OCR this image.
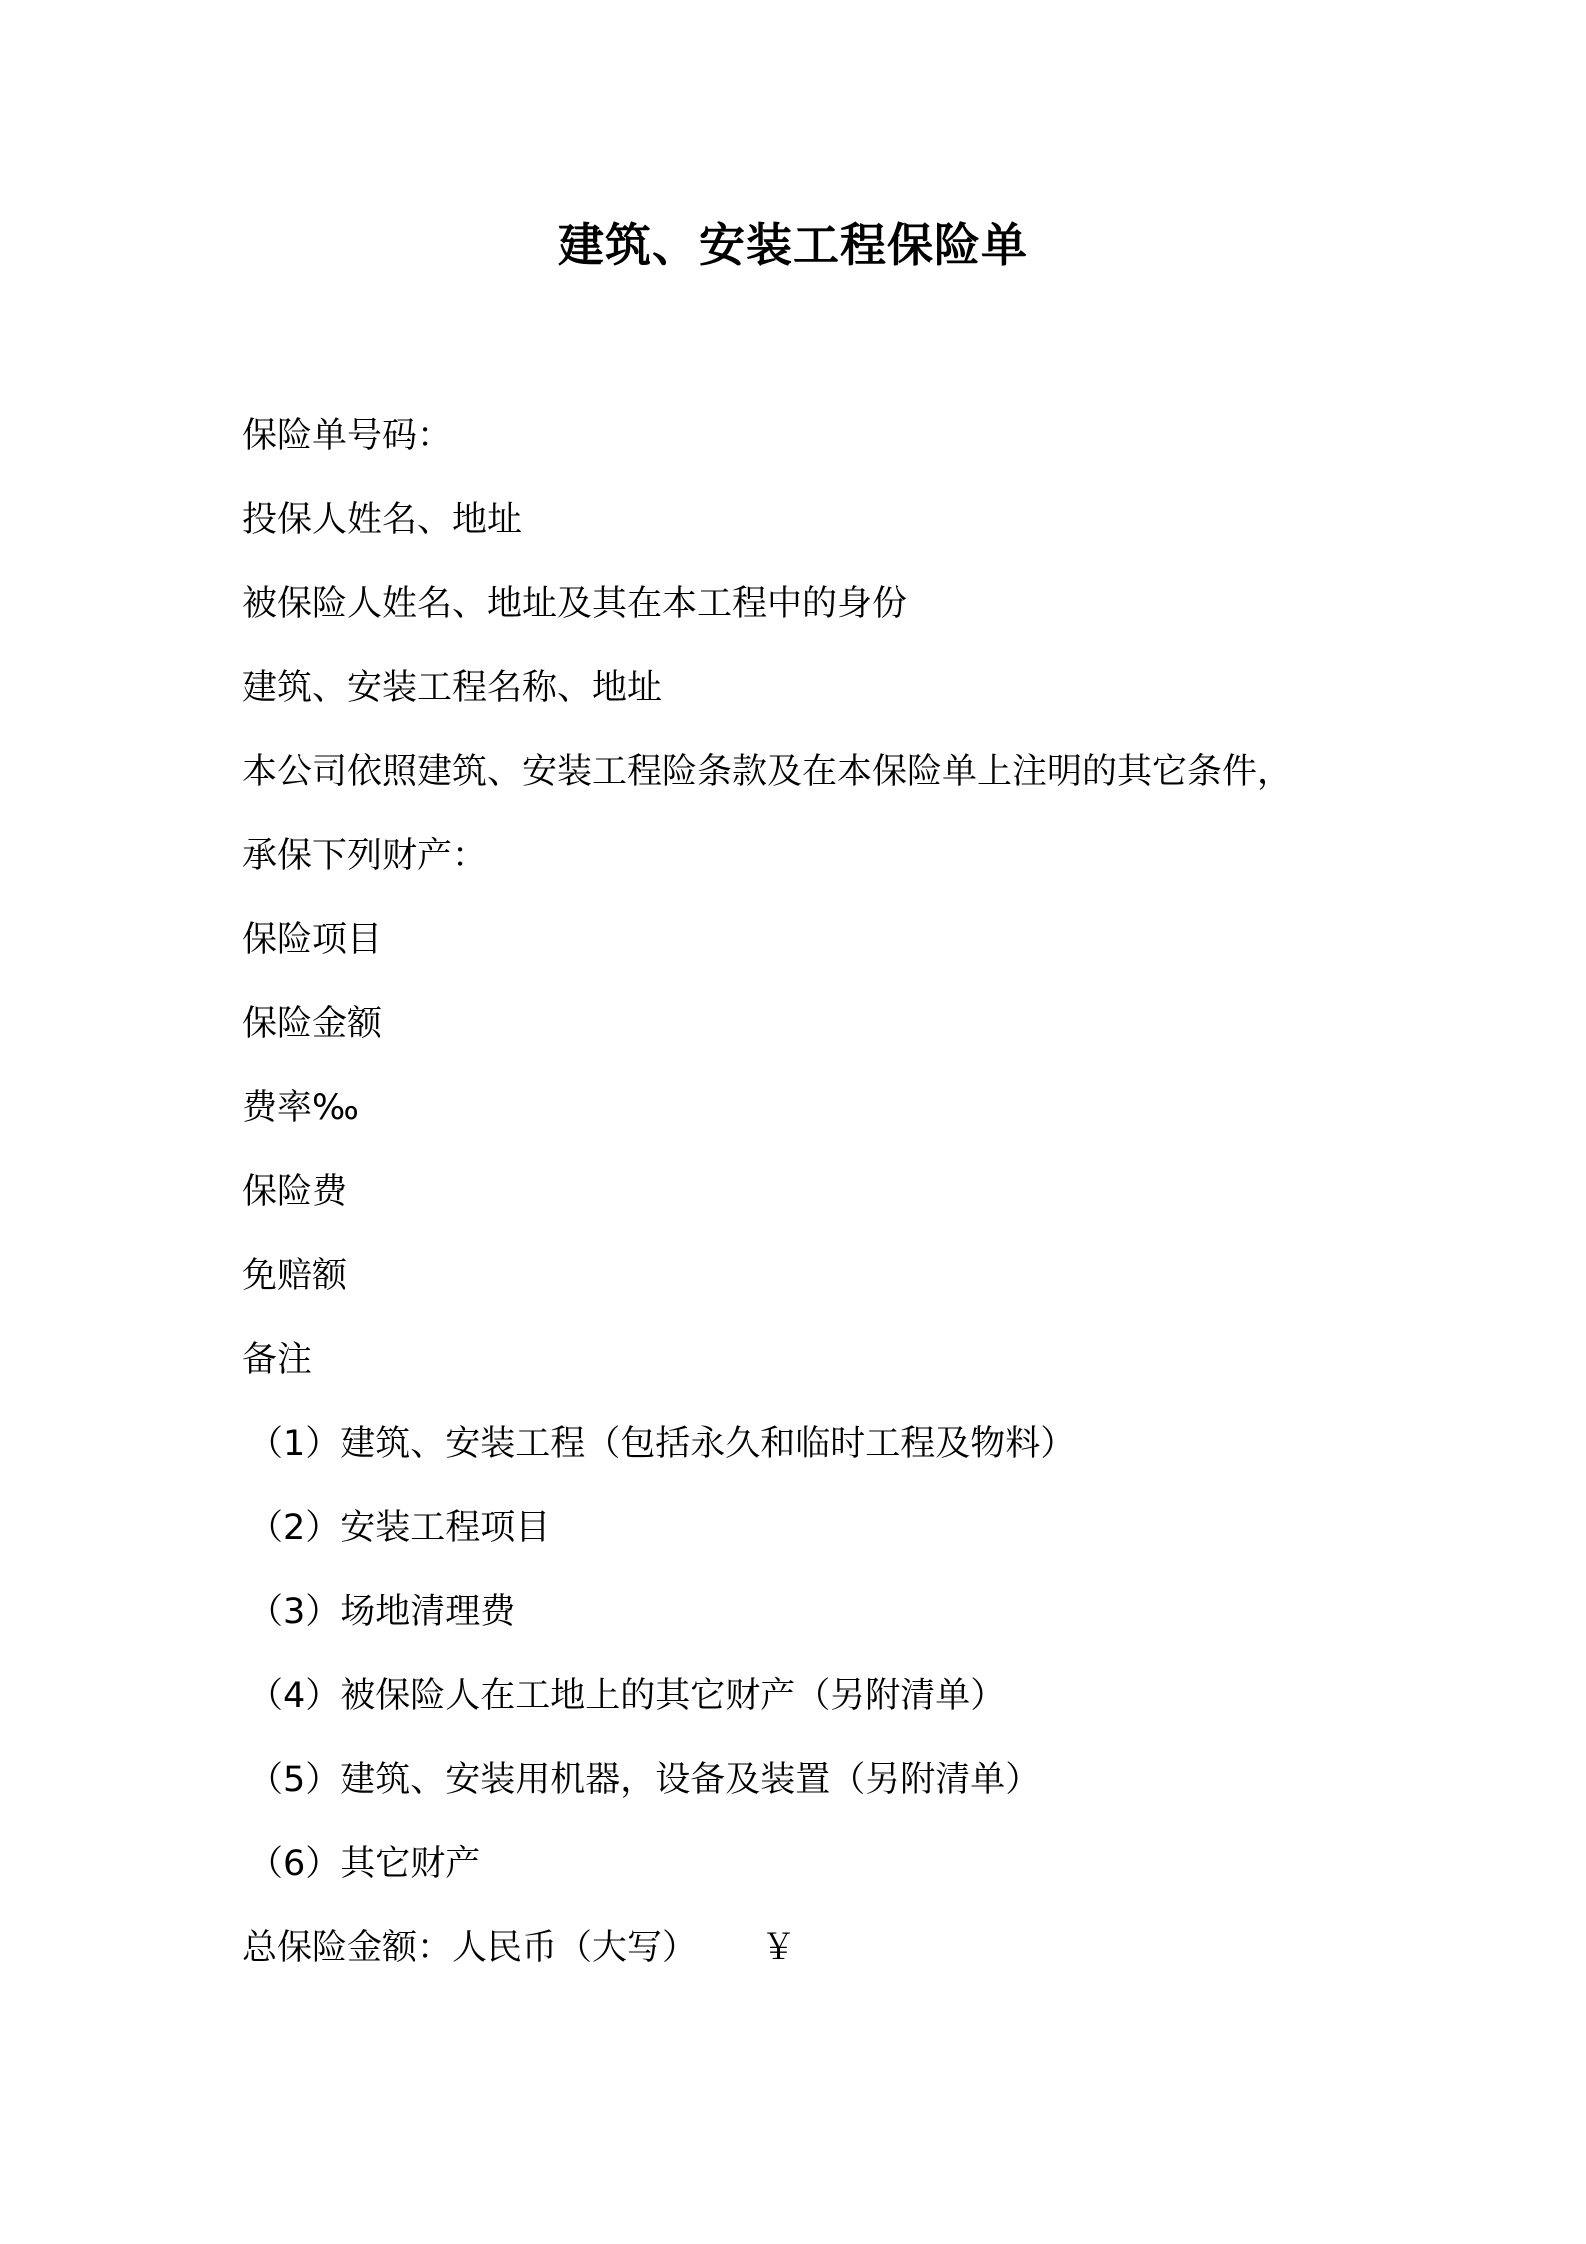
建筑、安装工程保险单
保险单号码：
投保人姓名、地址
被保险人姓名、地址及其在本工程中的身份
建筑、安装工程名称、地址
本公司依照建筑、安装工程险条款及在本保险单上注明的其它条件，
承保下列财产：
保险项目
保险金额
费率‰
保险费
免赔额
备注
（1）建筑、安装工程（包括永久和临时工程及物料）
（2）安装工程项目
（3）场地清理费
（4）被保险人在工地上的其它财产（另附清单）
（5）建筑、安装用机器，设备及装置（另附清单）
（6）其它财产
总保险金额：人民币（大写） ￥
